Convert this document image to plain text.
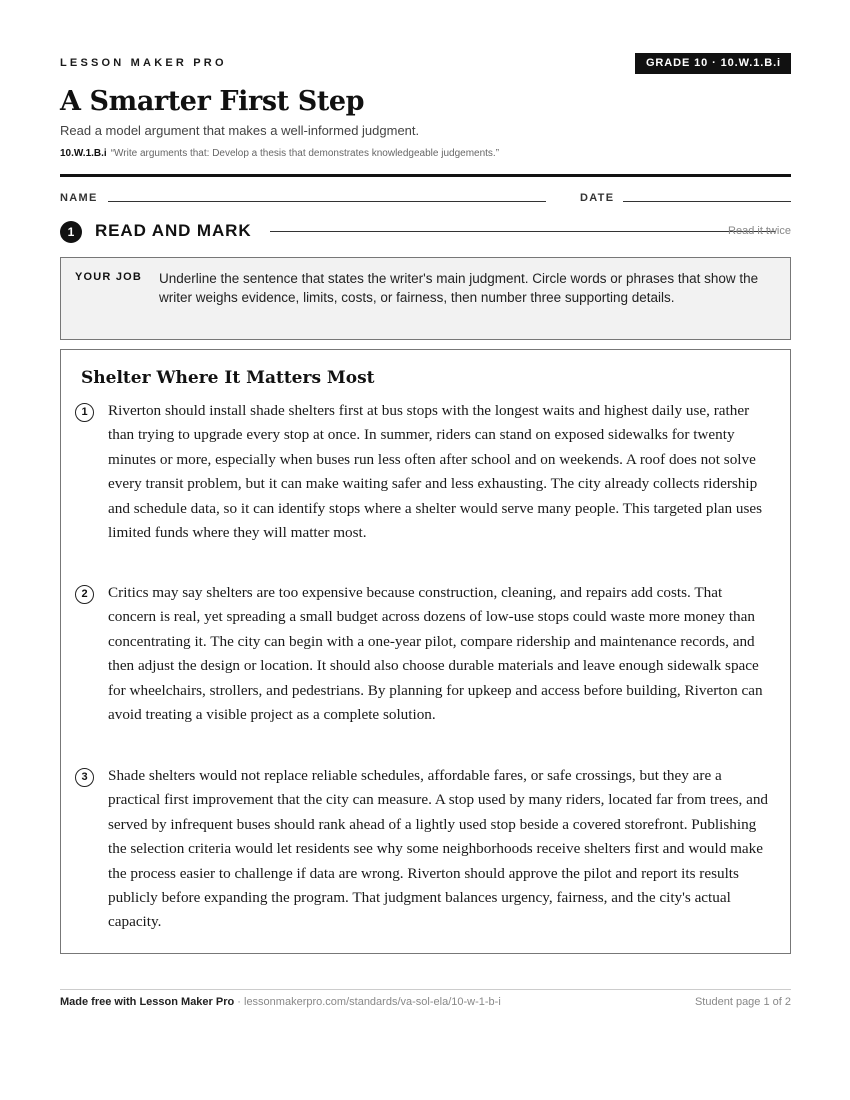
LESSON MAKER PRO	GRADE 10 · 10.W.1.B.i
A Smarter First Step
Read a model argument that makes a well-informed judgment.
10.W.1.B.i “Write arguments that: Develop a thesis that demonstrates knowledgeable judgements.”
NAME	DATE
1	READ AND MARK	Read it twice
YOUR JOB Underline the sentence that states the writer's main judgment. Circle words or phrases that show the writer weighs evidence, limits, costs, or fairness, then number three supporting details.
Shelter Where It Matters Most
1	Riverton should install shade shelters first at bus stops with the longest waits and highest daily use, rather than trying to upgrade every stop at once. In summer, riders can stand on exposed sidewalks for twenty minutes or more, especially when buses run less often after school and on weekends. A roof does not solve every transit problem, but it can make waiting safer and less exhausting. The city already collects ridership and schedule data, so it can identify stops where a shelter would serve many people. This targeted plan uses limited funds where they will matter most.
2	Critics may say shelters are too expensive because construction, cleaning, and repairs add costs. That concern is real, yet spreading a small budget across dozens of low-use stops could waste more money than concentrating it. The city can begin with a one-year pilot, compare ridership and maintenance records, and then adjust the design or location. It should also choose durable materials and leave enough sidewalk space for wheelchairs, strollers, and pedestrians. By planning for upkeep and access before building, Riverton can avoid treating a visible project as a complete solution.
3	Shade shelters would not replace reliable schedules, affordable fares, or safe crossings, but they are a practical first improvement that the city can measure. A stop used by many riders, located far from trees, and served by infrequent buses should rank ahead of a lightly used stop beside a covered storefront. Publishing the selection criteria would let residents see why some neighborhoods receive shelters first and would make the process easier to challenge if data are wrong. Riverton should approve the pilot and report its results publicly before expanding the program. That judgment balances urgency, fairness, and the city's actual capacity.
Made free with Lesson Maker Pro · lessonmakerpro.com/standards/va-sol-ela/10-w-1-b-i	Student page 1 of 2
